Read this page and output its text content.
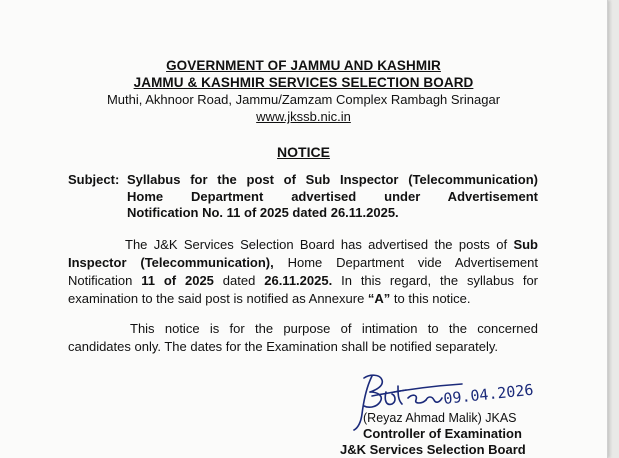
GOVERNMENT OF JAMMU AND KASHMIR
JAMMU & KASHMIR SERVICES SELECTION BOARD
Muthi, Akhnoor Road, Jammu/Zamzam Complex Rambagh Srinagar
www.jkssb.nic.in
NOTICE
Subject: Syllabus for the post of Sub Inspector (Telecommunication)
Home Department advertised under Advertisement
Notification No. 11 of 2025 dated 26.11.2025.
The J&K Services Selection Board has advertised the posts of Sub
Inspector (Telecommunication), Home Department vide Advertisement
Notification 11 of 2025 dated 26.11.2025. In this regard, the syllabus for
examination to the said post is notified as Annexure “A” to this notice.
This notice is for the purpose of intimation to the concerned
candidates only. The dates for the Examination shall be notified separately.
09.04.2026
(Reyaz Ahmad Malik) JKAS
Controller of Examination
J&K Services Selection Board
